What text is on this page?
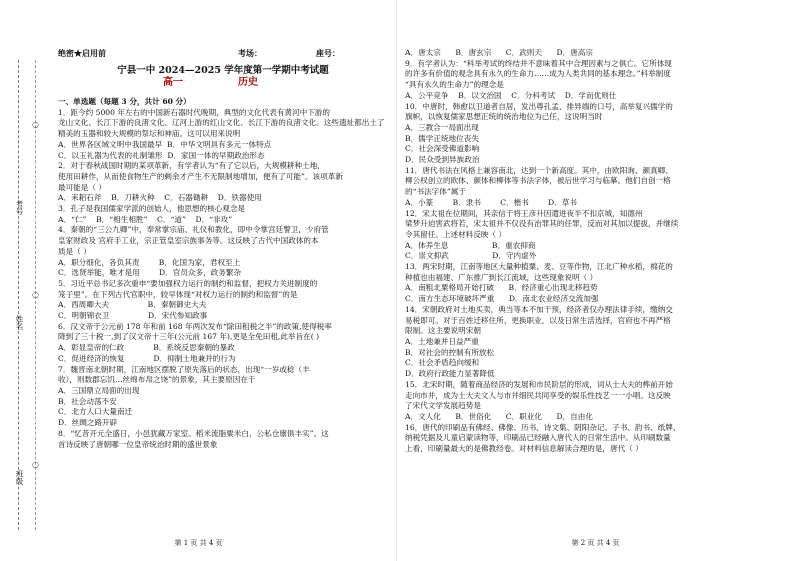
○
○
○
考号
姓名
班级
绝密★启用前	考场：	座号：
宁县一中 2024—2025 学年度第一学期中考试题
高一	历史
一、单选题（每题 3 分，共计 60 分）
1．距今约 5000 年左右的中国新石器时代晚期，典型的文化代表有黄河中下游的
龙山文化、长江下游的良渚文化、辽河上游的红山文化、长江下游的良渚文化。这些遗址都出土了
精美的玉器和较大规模的祭坛和神庙。这可以用来说明
A．世界各区域文明中我国最早  B．中华文明具有多元一体特点
C．以玉礼器为代表的礼制雏形  D．家国一体的早期政治形态
2．对于春秋战国时期的某项革新，有学者认为“有了它以后，大规模耕种土地，
使用田耕作，从而使食物生产的剩余才产生不无限制地增加，便有了可能”。该项革新
最可能是（ ）
A．耒耜石斧    B．刀耕火种    C．石器锄耕    D．铁器使用
3．孔子是我国儒家学派的创始人，他思想的核心观念是
A．“仁”    B．“相生相胜”    C．“道”    D．“非攻”
4．秦朝的“三公九卿”中，奉常掌宗庙、礼仪和教化，即中令掌宫廷警卫，少府管
皇家财政及 宫府手工业，宗正管皇室宗族事务等。这反映了古代中国政体的本
质是（ ）
A．职分细化，各负其责        B．化国为家，君权至上
C．选贤举能，唯才是用        D．官员众多，政务繁杂
5．习近平总书记多次重申“要加强权力运行的制约和监督，把权力关进制度的
笼子里”。在下列古代官职中，较早体现“对权力运行的制约和监督”的是
A．西周卿大夫                B．秦朝御史大夫
C．明朝锦衣卫                D．宋代参知政事
6．汉文帝于公元前 178 年和前 168 年两次发布“除田租税之半”的政策,使得税率
降到了三十税一,到了汉文帝十三年(公元前 167 年),更是全免田租,此举旨在( )
A．彰显皇帝的仁政            B．系统反思秦朝的暴政
C．促进经济的恢复            D．抑制土地兼并的行为
7．魏晋南北朝时期，江南地区摆脱了原先落后的状态，出现“一岁或稔（丰
收），则数郡忘饥…丝绵布帛之饶”的景象，其主要原因在于
A．三国鼎立局面的出现
B．社会动荡不安
C．北方人口大量南迁
D．丝绸之路开辟
8．“忆昔开元全盛日，小邑犹藏万家室。稻米流脂粟米白，公私仓廪俱丰实”。这
首诗反映了唐朝哪一位皇帝统治时期的盛世景象
第 1 页 共 4 页
A．唐太宗      B．唐玄宗      C．武则天      D．唐高宗
9．有学者认为：“科举考试的终结并不意味着其中合理因素与之俱亡。它所体现
的许多有价值的观念具有永久的生命力……成为人类共同的基本理念。”科举制度
“具有永久的生命力”的理念是
A．公平竞争    B．以文治国    C．分科考试    D．学而优则仕
10．中唐时，韩愈以卫道者自居，发出尊孔孟、排异端的口号，高举复兴儒学的
旗帜，以恢复儒家思想正统的统治地位为己任，这说明当时
A．三教合一局面出现
B．儒学正统地位丧失
C．社会深受佛道影响
D．民众受到异族政治
11．唐代书法在风格上兼容南北，达到一个新高度。其中，由欧阳询、颜真卿、
柳公权创立的欧体、颜体和柳体等书法字体，被后世学习与临摹。他们自创一格
的“书法字体”属于
A．小篆        B．隶书        C．楷书        D．草书
12．宋太祖在位期间，其亲信干将王彦升因遣进夜半不扣京城，知德州
梁梦升迫害武将若，宋太祖并不仅没有治罪其的任罪，反而对其加以提拔，并继续
令其留任。上述材料反映（ ）
A．体养生息                  B．重农抑商
C．崇文抑武                  D．守内虚外
13．两宋时期，江南等地区大量种植粟、麦、豆等作物，江北广种水稻，棉花的
种植也由福建、广东推广到长江流域，这些现象说明（ ）
A．南粗北粟格局开始打破      B．经济重心出现北移趋势
C．南方生态环境破坏严重      D．南北农业经济交流加强
14．宋朝政府对土地买卖，典当等本不加干预，经济者仅办理法律手续，缴纳交
易税即可。对于百姓迁移住所、更换职业，以及日常生活选择，官府也不再严格
限制。这主要说明宋朝
A．土地兼并日益严重
B．对社会的控制有所放松
C．社会矛盾趋向缓和
D．政府行政能力显著降低
15．北宋时期，随着商品经济的发展和市民阶层的形成，词从士大夫的桦前开始
走向市井，成为士大夫文人与市井细民共同享受的娱乐性技艺一一小唱。这反映
了宋代文学发展趋势是
A．文人化      B．世俗化      C．职业化      D．自由化
16．唐代的印刷品有佛经、佛像、历书、诗文集、阴阳杂记、子书、韵书、纸牌、
纳税凭据及儿童启蒙读物等，印刷品已经融入唐代人的日常生活中。从印刷数量
上看，印刷量最大的是佛教经卷。对材料信息解读合理的是，唐代（ ）
第 2 页 共 4 页
